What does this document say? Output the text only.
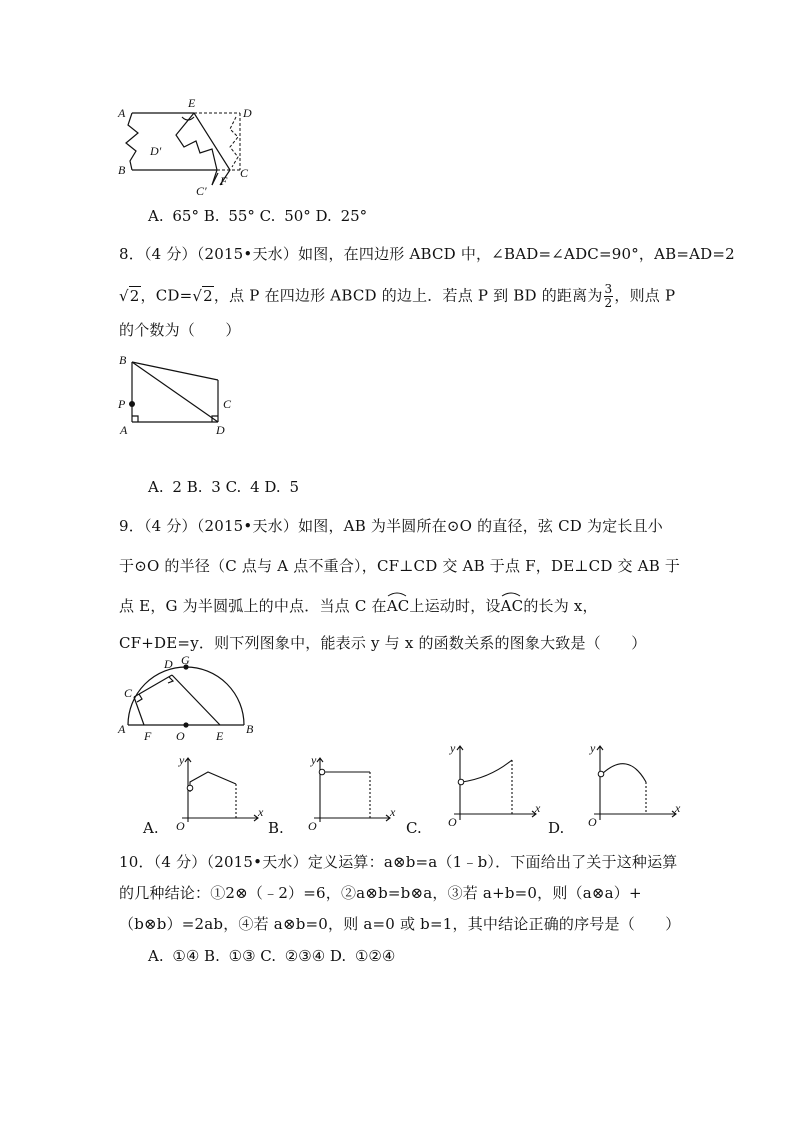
A
E
D
D′
B
C′
F
C
A. 65° B. 55° C. 50° D. 25°
8．（4 分）（2015•天水）如图，在四边形 ABCD 中，∠BAD=∠ADC=90°，AB=AD=2
√2，CD=√2，点 P 在四边形 ABCD 的边上．若点 P 到 BD 的距离为 $\frac{3}{2}$ ，则点 P
的个数为（　　）
B
P	C
A	D
A. 2 B. 3 C. 4 D. 5
9．（4 分）（2015•天水）如图，AB 为半圆所在⊙O 的直径，弦 CD 为定长且小
于⊙O 的半径（C 点与 A 点不重合），CF⊥CD 交 AB 于点 F，DE⊥CD 交 AB 于
点 E，G 为半圆弧上的中点．当点 C 在
AC上运动时，设
AC的长为 x，
CF+DE=y．则下列图象中，能表示 y 与 x 的函数关系的图象大致是（　　）
D G
C
A F O	E B
y
x
O
A.
y
x
O
B.
y
x
O
C.
y
x
O
D.
10．（4 分）（2015•天水）定义运算：a⊗b=a（1﹣b）．下面给出了关于这种运算
的几种结论：①2⊗（﹣2）=6，②a⊗b=b⊗a，③若 a+b=0，则（a⊗a）+
（b⊗b）=2ab，④若 a⊗b=0，则 a=0 或 b=1，其中结论正确的序号是（　　）
A. ①④ B. ①③ C. ②③④ D. ①②④
